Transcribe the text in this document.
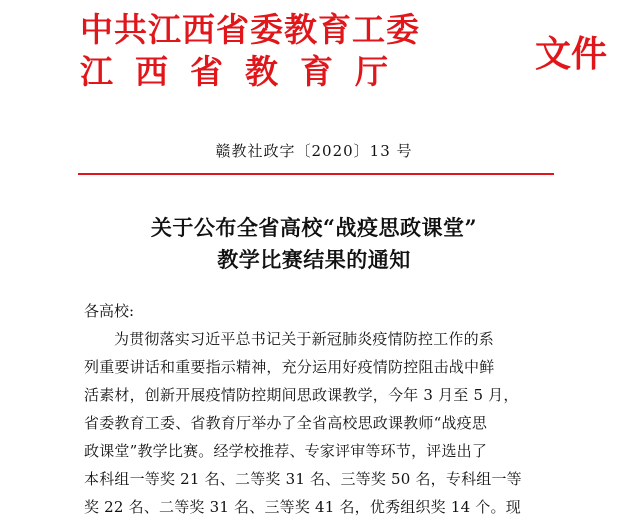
中共江西省委教育工委
江西省教育厅	文件
赣教社政字〔2020〕13 号
关于公布全省高校“战疫思政课堂”
教学比赛结果的通知
各高校:
为贯彻落实习近平总书记关于新冠肺炎疫情防控工作的系
列重要讲话和重要指示精神，充分运用好疫情防控阻击战中鲜
活素材，创新开展疫情防控期间思政课教学，今年 3 月至 5 月，
省委教育工委、省教育厅举办了全省高校思政课教师“战疫思
政课堂”教学比赛。经学校推荐、专家评审等环节，评选出了
本科组一等奖 21 名、二等奖 31 名、三等奖 50 名，专科组一等
奖 22 名、二等奖 31 名、三等奖 41 名，优秀组织奖 14 个。现
